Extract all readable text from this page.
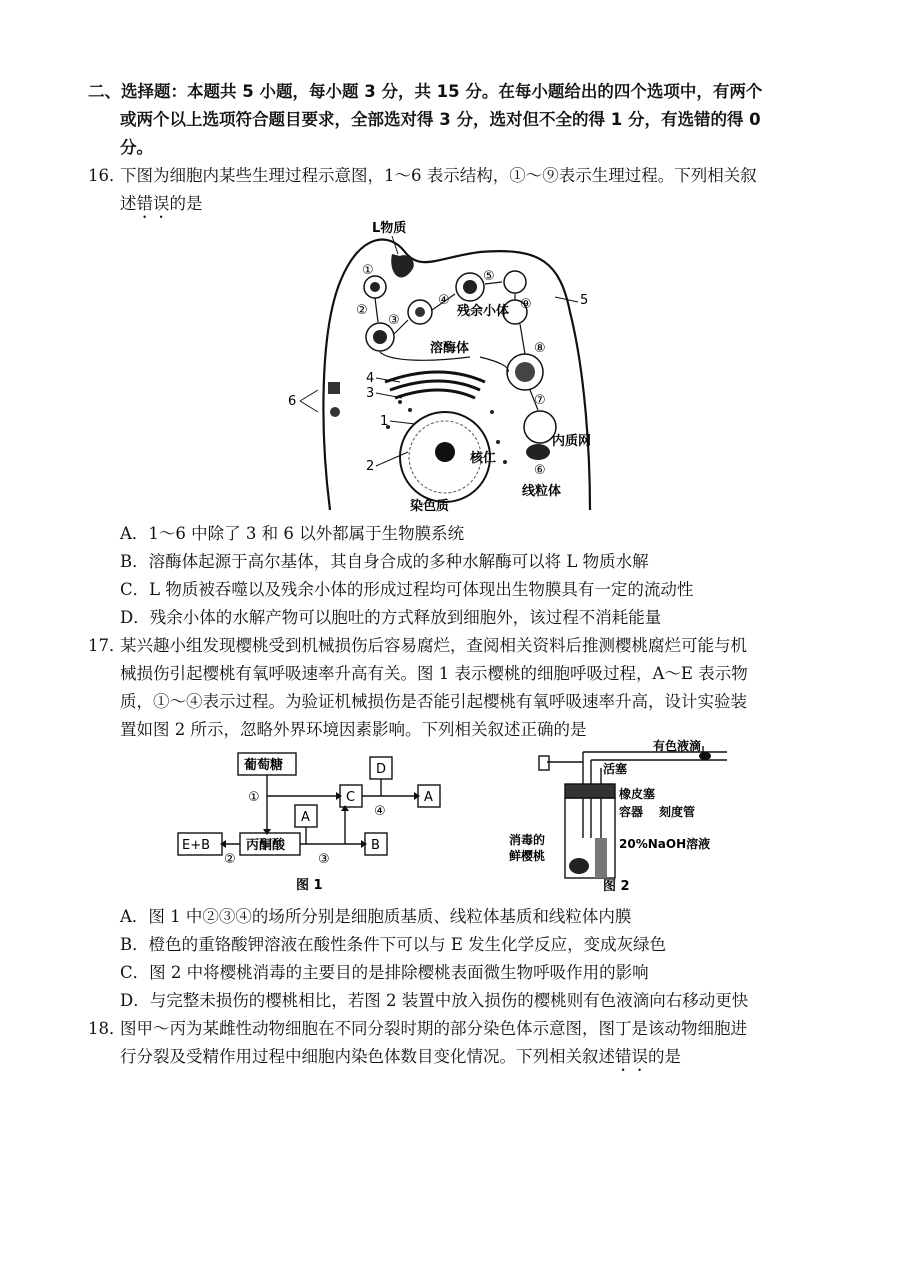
二、选择题：本题共 5 小题，每小题 3 分，共 15 分。在每小题给出的四个选项中，有两个
或两个以上选项符合题目要求，全部选对得 3 分，选对但不全的得 1 分，有选错的得 0
分。
16．
下图为细胞内某些生理过程示意图，1～6 表示结构，①～⑨表示生理过程。下列相关叙
述错误的是
L物质
溶酶体
残余小体
核仁
染色质
内质网
线粒体
4
3
1
2
5
6
①
②
③
④
⑤
⑥
⑦
⑧
⑨
A．1～6 中除了 3 和 6 以外都属于生物膜系统
B．溶酶体起源于高尔基体，其自身合成的多种水解酶可以将 L 物质水解
C．L 物质被吞噬以及残余小体的形成过程均可体现出生物膜具有一定的流动性
D．残余小体的水解产物可以胞吐的方式释放到细胞外，该过程不消耗能量
17．
某兴趣小组发现樱桃受到机械损伤后容易腐烂，查阅相关资料后推测樱桃腐烂可能与机
械损伤引起樱桃有氧呼吸速率升高有关。图 1 表示樱桃的细胞呼吸过程，A～E 表示物
质，①～④表示过程。为验证机械损伤是否能引起樱桃有氧呼吸速率升高，设计实验装
置如图 2 所示，忽略外界环境因素影响。下列相关叙述正确的是
葡萄糖
丙酮酸
E+B
C
D
A
A
B
①
②	③
④
图 1
有色液滴
活塞
橡皮塞
容器 刻度管
20%NaOH溶液
消毒的
鲜樱桃
图 2
A．图 1 中②③④的场所分别是细胞质基质、线粒体基质和线粒体内膜
B．橙色的重铬酸钾溶液在酸性条件下可以与 E 发生化学反应，变成灰绿色
C．图 2 中将樱桃消毒的主要目的是排除樱桃表面微生物呼吸作用的影响
D．与完整未损伤的樱桃相比，若图 2 装置中放入损伤的樱桃则有色液滴向右移动更快
18．
图甲～丙为某雌性动物细胞在不同分裂时期的部分染色体示意图，图丁是该动物细胞进
行分裂及受精作用过程中细胞内染色体数目变化情况。下列相关叙述错误的是
